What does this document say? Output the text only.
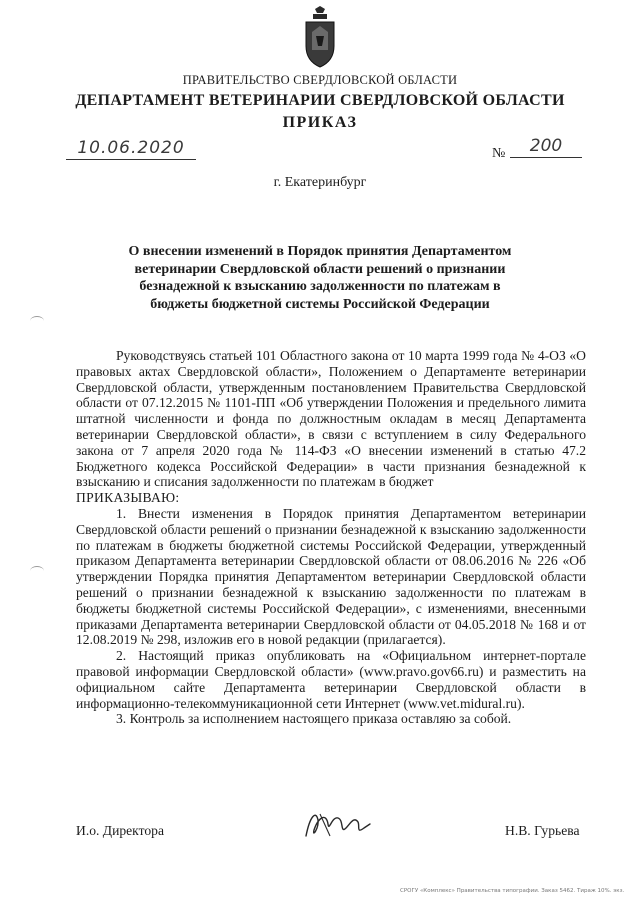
ПРАВИТЕЛЬСТВО СВЕРДЛОВСКОЙ ОБЛАСТИ
ДЕПАРТАМЕНТ ВЕТЕРИНАРИИ СВЕРДЛОВСКОЙ ОБЛАСТИ
ПРИКАЗ
10.06.2020	№	200
г. Екатеринбург
О внесении изменений в Порядок принятия Департаментом ветеринарии Свердловской области решений о признании безнадежной к взысканию задолженности по платежам в бюджеты бюджетной системы Российской Федерации

Руководствуясь статьей 101 Областного закона от 10 марта 1999 года № 4-ОЗ «О правовых актах Свердловской области», Положением о Департаменте ветеринарии Свердловской области, утвержденным постановлением Правительства Свердловской области от 07.12.2015 № 1101-ПП «Об утверждении Положения и предельного лимита штатной численности и фонда по должностным окладам в месяц Департамента ветеринарии Свердловской области», в связи с вступлением в силу Федерального закона от 7 апреля 2020 года № 114-ФЗ «О внесении изменений в статью 47.2 Бюджетного кодекса Российской Федерации» в части признания безнадежной к взысканию и списания задолженности по платежам в бюджет

ПРИКАЗЫВАЮ:

1. Внести изменения в Порядок принятия Департаментом ветеринарии Свердловской области решений о признании безнадежной к взысканию задолженности по платежам в бюджеты бюджетной системы Российской Федерации, утвержденный приказом Департамента ветеринарии Свердловской области от 08.06.2016 № 226 «Об утверждении Порядка принятия Департаментом ветеринарии Свердловской области решений о признании безнадежной к взысканию задолженности по платежам в бюджеты бюджетной системы Российской Федерации», с изменениями, внесенными приказами Департамента ветеринарии Свердловской области от 04.05.2018 № 168 и от 12.08.2019 № 298, изложив его в новой редакции (прилагается).

2. Настоящий приказ опубликовать на «Официальном интернет-портале правовой информации Свердловской области» (www.pravo.gov66.ru) и разместить на официальном сайте Департамента ветеринарии Свердловской области в информационно-телекоммуникационной сети Интернет (www.vet.midural.ru).

3. Контроль за исполнением настоящего приказа оставляю за собой.

И.о. Директора	Н.В. Гурьева
СРОГУ «Комплекс» Правительства типографии. Заказ 5462. Тираж 10%. экз.
